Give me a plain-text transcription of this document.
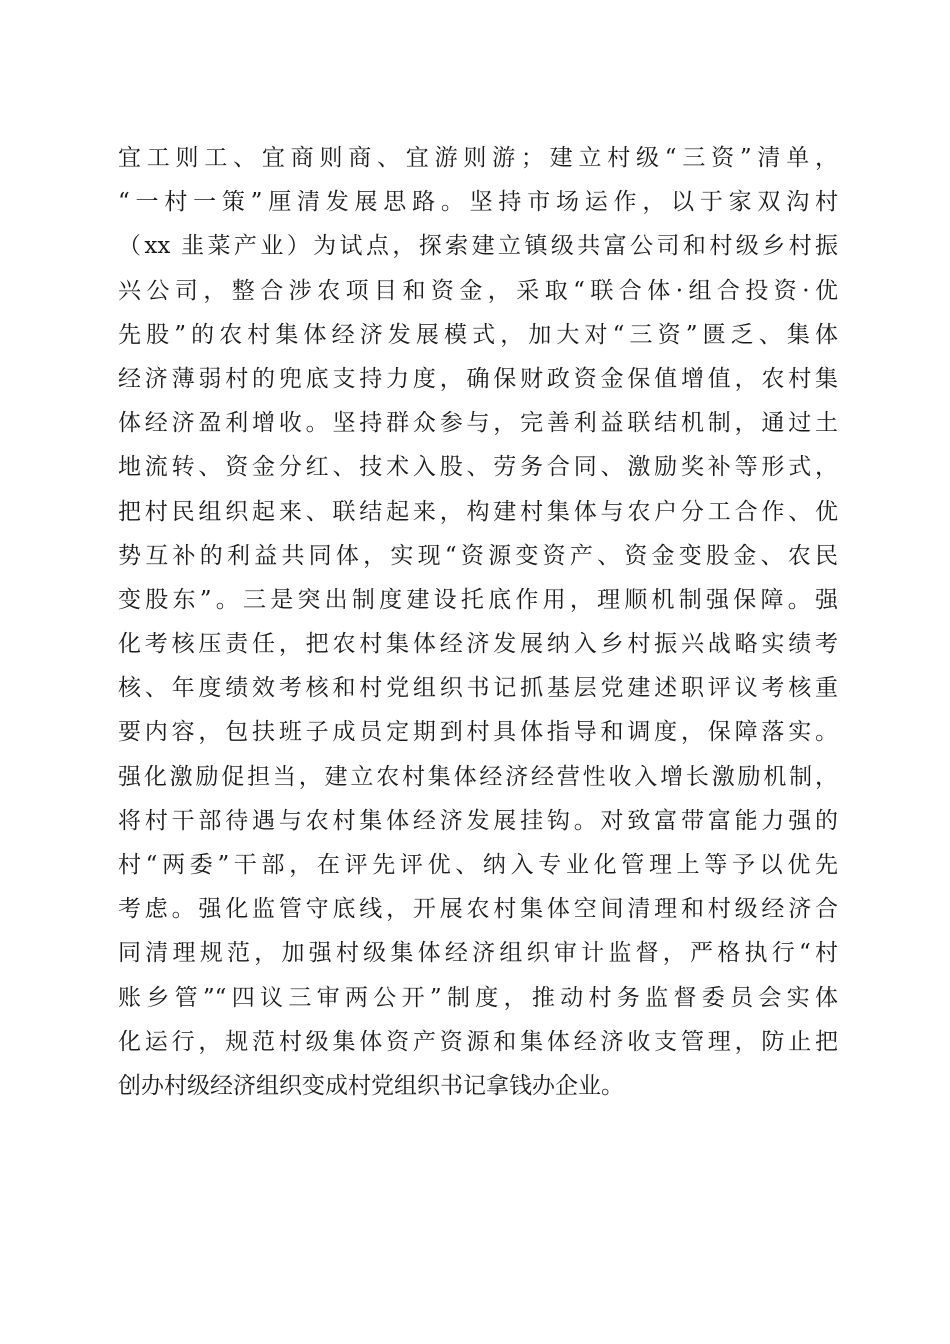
宜工则工、宜商则商、宜游则游；建立村级“三资”清单，
“一村一策”厘清发展思路。坚持市场运作，以于家双沟村
（xx 韭菜产业）为试点，探索建立镇级共富公司和村级乡村振
兴公司，整合涉农项目和资金，采取“联合体·组合投资·优
先股”的农村集体经济发展模式，加大对“三资”匮乏、集体
经济薄弱村的兜底支持力度，确保财政资金保值增值，农村集
体经济盈利增收。坚持群众参与，完善利益联结机制，通过土
地流转、资金分红、技术入股、劳务合同、激励奖补等形式，
把村民组织起来、联结起来，构建村集体与农户分工合作、优
势互补的利益共同体，实现“资源变资产、资金变股金、农民
变股东”。三是突出制度建设托底作用，理顺机制强保障。强
化考核压责任，把农村集体经济发展纳入乡村振兴战略实绩考
核、年度绩效考核和村党组织书记抓基层党建述职评议考核重
要内容，包扶班子成员定期到村具体指导和调度，保障落实。
强化激励促担当，建立农村集体经济经营性收入增长激励机制，
将村干部待遇与农村集体经济发展挂钩。对致富带富能力强的
村“两委”干部，在评先评优、纳入专业化管理上等予以优先
考虑。强化监管守底线，开展农村集体空间清理和村级经济合
同清理规范，加强村级集体经济组织审计监督，严格执行“村
账乡管”“四议三审两公开”制度，推动村务监督委员会实体
化运行，规范村级集体资产资源和集体经济收支管理，防止把
创办村级经济组织变成村党组织书记拿钱办企业。
